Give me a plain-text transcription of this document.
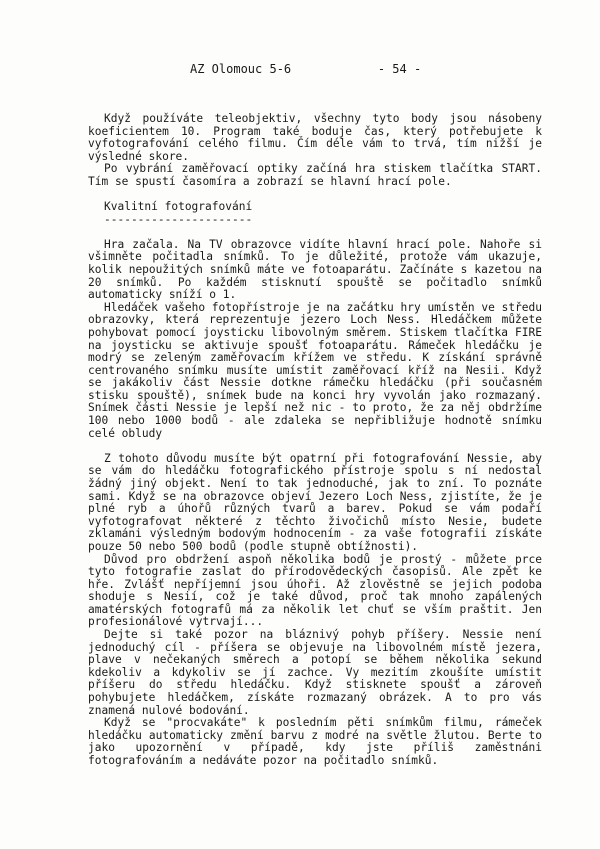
AZ Olomouc 5-6	- 54 -

Když používáte teleobjektiv, všechny tyto body jsou násobeny koeficientem 10. Program také boduje čas, který potřebujete k vyfotografování celého filmu. Čím déle vám to trvá, tím nižší je výsledné skore.

Po vybrání zaměřovací optiky začíná hra stiskem tlačítka START. Tím se spustí časomíra a zobrazí se hlavní hrací pole.

Kvalitní fotografování
----------------------

Hra začala. Na TV obrazovce vidíte hlavní hrací pole. Nahoře si všimněte počitadla snímků. To je důležité, protože vám ukazuje, kolik nepoužitých snímků máte ve fotoaparátu. Začínáte s kazetou na 20 snímků. Po každém stisknutí spouště se počitadlo snímků automaticky sníží o 1.

Hledáček vašeho fotopřístroje je na začátku hry umístěn ve středu obrazovky, která reprezentuje jezero Loch Ness. Hledáčkem můžete pohybovat pomocí joysticku libovolným směrem. Stiskem tlačítka FIRE na joysticku se aktivuje spoušť fotoaparátu. Rámeček hledáčku je modrý se zeleným zaměřovacím křížem ve středu. K získání správně centrovaného snímku musíte umístit zaměřovací kříž na Nesii. Když se jakákoliv část Nessie dotkne rámečku hledáčku (při současném stisku spouště), snímek bude na konci hry vyvolán jako rozmazaný. Snímek části Nessie je lepší než nic - to proto, že za něj obdržíme 100 nebo 1000 bodů - ale zdaleka se nepřibližuje hodnotě snímku celé obludy

Z tohoto důvodu musíte být opatrní při fotografování Nessie, aby se vám do hledáčku fotografického přístroje spolu s ní nedostal žádný jiný objekt. Není to tak jednoduché, jak to zní. To poznáte sami. Když se na obrazovce objeví Jezero Loch Ness, zjistíte, že je plné ryb a úhořů různých tvarů a barev. Pokud se vám podaří vyfotografovat některé z těchto živočichů místo Nesie, budete zklamáni výsledným bodovým hodnocením - za vaše fotografii získáte pouze 50 nebo 500 bodů (podle stupně obtížnosti).

Důvod pro obdržení aspoň několika bodů je prostý - můžete prce tyto fotografie zaslat do přírodovědeckých časopisů. Ale zpět ke hře. Zvlášť nepříjemní jsou úhoři. Až zlověstně se jejich podoba shoduje s Nesií, což je také důvod, proč tak mnoho zapálených amatérských fotografů má za několik let chuť se vším praštit. Jen profesionálové vytrvají...

Dejte si také pozor na bláznivý pohyb příšery. Nessie není jednoduchý cíl - příšera se objevuje na libovolném místě jezera, plave v nečekaných směrech a potopí se během několika sekund kdekoliv a kdykoliv se jí zachce. Vy mezitím zkoušíte umístit příšeru do středu hledáčku. Když stisknete spoušť a zároveň pohybujete hledáčkem, získáte rozmazaný obrázek. A to pro vás znamená nulové bodování.

Když se "procvakáte" k posledním pěti snímkům filmu, rámeček hledáčku automaticky změní barvu z modré na světle žlutou. Berte to jako upozornění v případě, kdy jste příliš zaměstnáni fotografováním a nedáváte pozor na počitadlo snímků.
